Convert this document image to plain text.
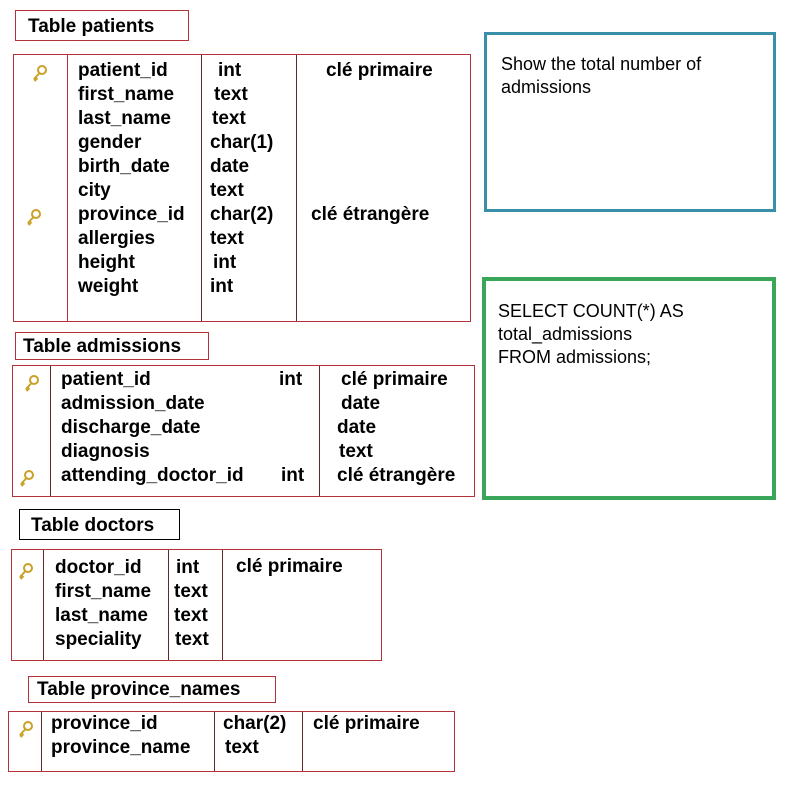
Table patients
patient_id
first_name
last_name
gender
birth_date
city
province_id
allergies
height
weight
int
text
text
char(1)
date
text
char(2)
text
int
int
clé primaire
clé étrangère
Table admissions
patient_id
admission_date
discharge_date
diagnosis
attending_doctor_id
int
int
clé primaire
date
date
text
clé étrangère
Table doctors
doctor_id
first_name
last_name
speciality
int
text
text
text
clé primaire
Table province_names
province_id
province_name
char(2)
text
clé primaire
Show the total number of admissions
SELECT COUNT(*) AS
total_admissions
FROM admissions;
